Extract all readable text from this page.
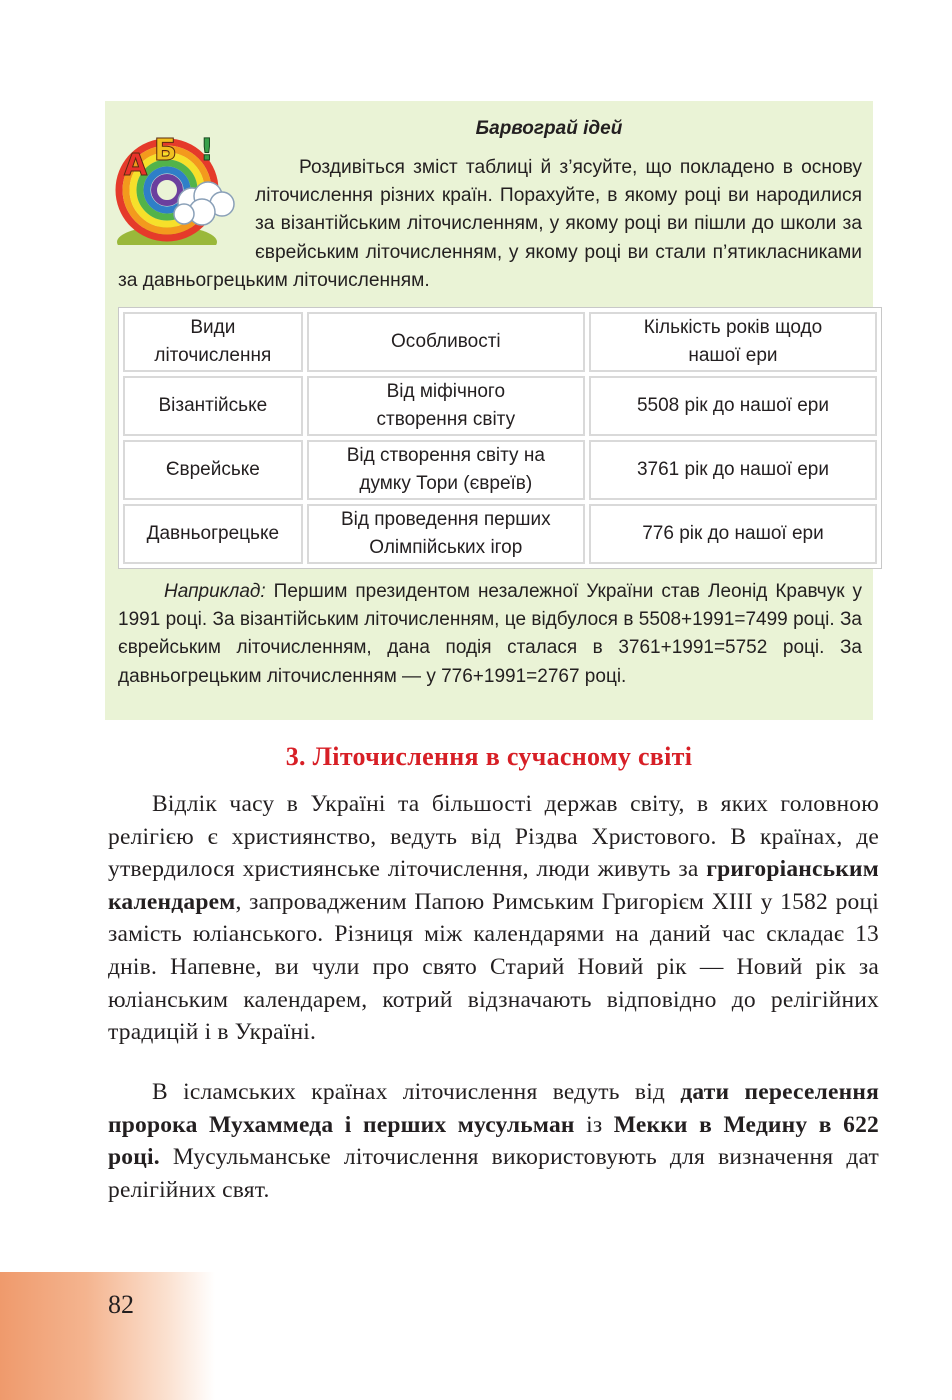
Барвограй ідей
А Б !	Роздивіться зміст таблиці й з’ясуйте, що покладено в основу літочислення різних країн. Порахуйте, в якому році ви народилися за візантійським літочисленням, у якому році ви пішли до школи за єврейським літочисленням, у якому році ви стали п’ятикласниками за давньогрецьким літочисленням.
Види літочислення	Особливості	Кількість років щодо нашої ери
Візантійське	Від міфічного створення світу	5508 рік до нашої ери
Єврейське	Від створення світу на думку Тори (євреїв)	3761 рік до нашої ери
Давньогрецьке	Від проведення перших Олімпійських ігор	776 рік до нашої ери
Наприклад: Першим президентом незалежної України став Леонід Кравчук у 1991 році. За візантійським літочисленням, це відбулося в 5508+1991=7499 році. За єврейським літочисленням, дана подія сталася в 3761+1991=5752 році. За давньогрецьким літочисленням — у 776+1991=2767 році.
3. Літочислення в сучасному світі

Відлік часу в Україні та більшості держав світу, в яких головною релігією є християнство, ведуть від Різдва Христового. В країнах, де утвердилося християнське літочислення, люди живуть за григоріанським календарем, запровадженим Папою Римським Григорієм XIII у 1582 році замість юліанського. Різниця між календарями на даний час складає 13 днів. Напевне, ви чули про свято Старий Новий рік — Новий рік за юліанським календарем, котрий відзначають відповідно до релігійних традицій і в Україні.

В ісламських країнах літочислення ведуть від дати переселення пророка Мухаммеда і перших мусульман із Мекки в Медину в 622 році. Мусульманське літочислення використовують для визначення дат релігійних свят.

82
